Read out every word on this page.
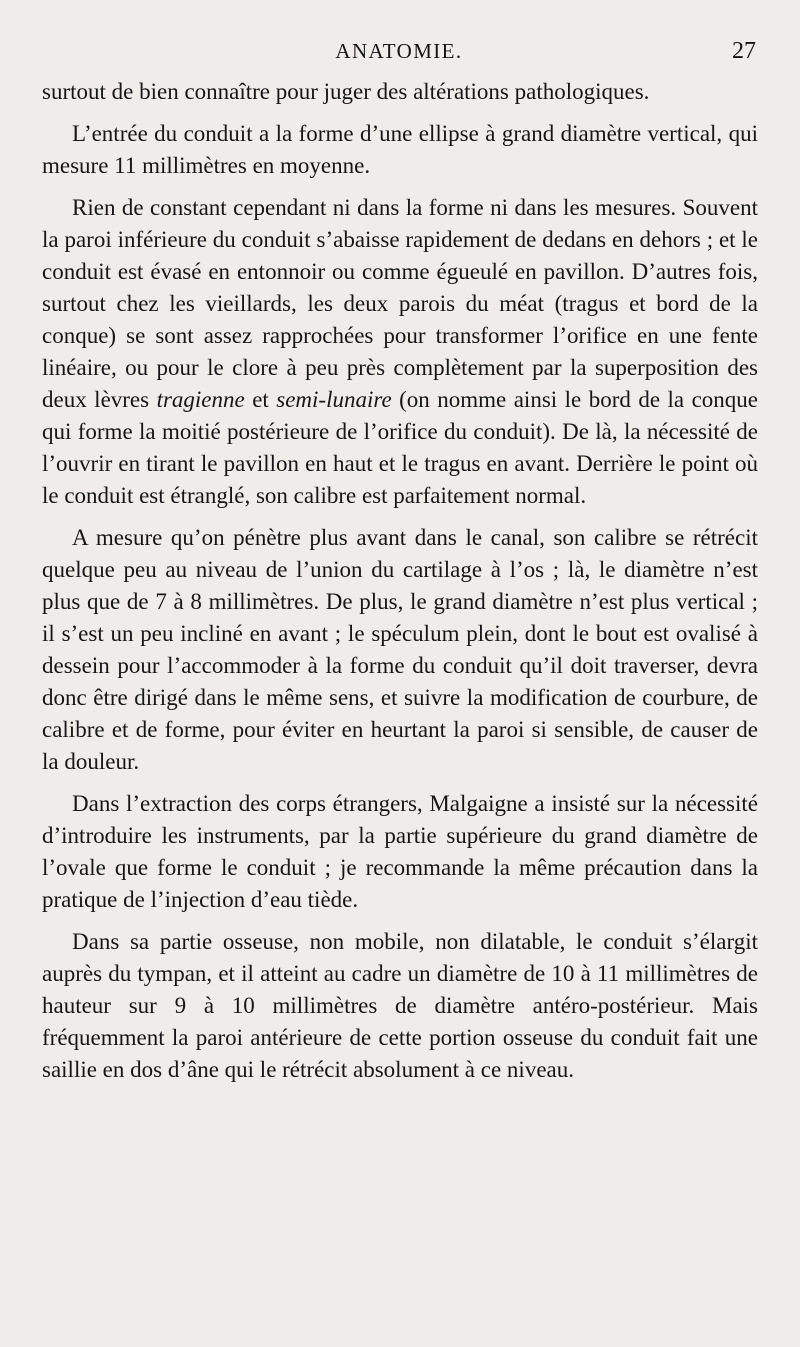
ANATOMIE.	27

surtout de bien connaître pour juger des altérations pathologiques.

L’entrée du conduit a la forme d’une ellipse à grand diamètre vertical, qui mesure 11 millimètres en moyenne.

Rien de constant cependant ni dans la forme ni dans les mesures. Souvent la paroi inférieure du conduit s’abaisse rapidement de dedans en dehors ; et le conduit est évasé en entonnoir ou comme égueulé en pavillon. D’autres fois, surtout chez les vieillards, les deux parois du méat (tragus et bord de la conque) se sont assez rapprochées pour transformer l’orifice en une fente linéaire, ou pour le clore à peu près complètement par la superposition des deux lèvres tragienne et semi-lunaire (on nomme ainsi le bord de la conque qui forme la moitié postérieure de l’orifice du conduit). De là, la nécessité de l’ouvrir en tirant le pavillon en haut et le tragus en avant. Derrière le point où le conduit est étranglé, son calibre est parfaitement normal.

A mesure qu’on pénètre plus avant dans le canal, son calibre se rétrécit quelque peu au niveau de l’union du cartilage à l’os ; là, le diamètre n’est plus que de 7 à 8 millimètres. De plus, le grand diamètre n’est plus vertical ; il s’est un peu incliné en avant ; le spéculum plein, dont le bout est ovalisé à dessein pour l’accommoder à la forme du conduit qu’il doit traverser, devra donc être dirigé dans le même sens, et suivre la modification de courbure, de calibre et de forme, pour éviter en heurtant la paroi si sensible, de causer de la douleur.

Dans l’extraction des corps étrangers, Malgaigne a insisté sur la nécessité d’introduire les instruments, par la partie supérieure du grand diamètre de l’ovale que forme le conduit ; je recommande la même précaution dans la pratique de l’injection d’eau tiède.

Dans sa partie osseuse, non mobile, non dilatable, le conduit s’élargit auprès du tympan, et il atteint au cadre un diamètre de 10 à 11 millimètres de hauteur sur 9 à 10 millimètres de diamètre antéro-postérieur. Mais fréquemment la paroi antérieure de cette portion osseuse du conduit fait une saillie en dos d’âne qui le rétrécit absolument à ce niveau.
